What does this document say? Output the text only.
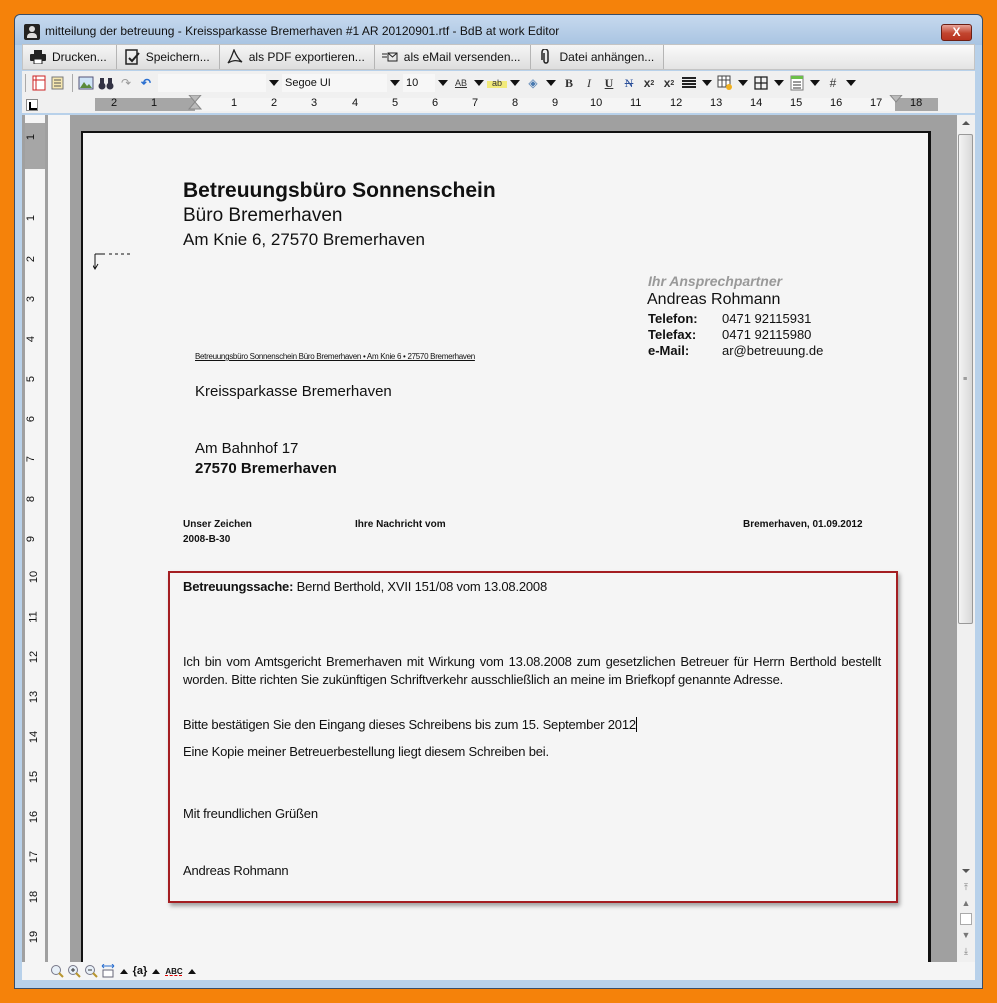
mitteilung der betreuung - Kreissparkasse Bremerhaven #1 AR 20120901.rtf - BdB at work Editor	X
Drucken...	Speichern...	als PDF exportieren...	als eMail versenden...	Datei anhängen...
↷ ↶	Segoe UI	10	AB	ab	◈	B	I	U N x 2 x 2	#
2	1	1	2	3	4	5	6	7	8	9	10	11	12	13	14	15	16	17	18
1
1
2
3
4
5
6
7
8
9
10
11
12
13
14
15
16
17
18
19
Betreuungsbüro Sonnenschein
Büro Bremerhaven
Am Knie 6, 27570 Bremerhaven
Ihr Ansprechpartner
Andreas Rohmann
Telefon:	0471 92115931
Telefax:	0471 92115980
e-Mail:	ar@betreuung.de
Betreuungsbüro Sonnenschein Büro Bremerhaven • Am Knie 6 • 27570 Bremerhaven
Kreissparkasse Bremerhaven
Am Bahnhof 17
27570 Bremerhaven
Unser Zeichen
2008-B-30
Ihre Nachricht vom	Bremerhaven, 01.09.2012
Betreuungssache: Bernd Berthold, XVII 151/08 vom 13.08.2008
Ich bin vom Amtsgericht Bremerhaven mit Wirkung vom 13.08.2008 zum gesetzlichen Betreuer für Herrn Berthold bestellt worden. Bitte richten Sie zukünftigen Schriftverkehr ausschließlich an meine im Briefkopf genannte Adresse.
Bitte bestätigen Sie den Eingang dieses Schreibens bis zum 15. September 2012
Eine Kopie meiner Betreuerbestellung liegt diesem Schreiben bei.
Mit freundlichen Grüßen
Andreas Rohmann
≡
⤒
▲
▼
⤓
{a} ABC
